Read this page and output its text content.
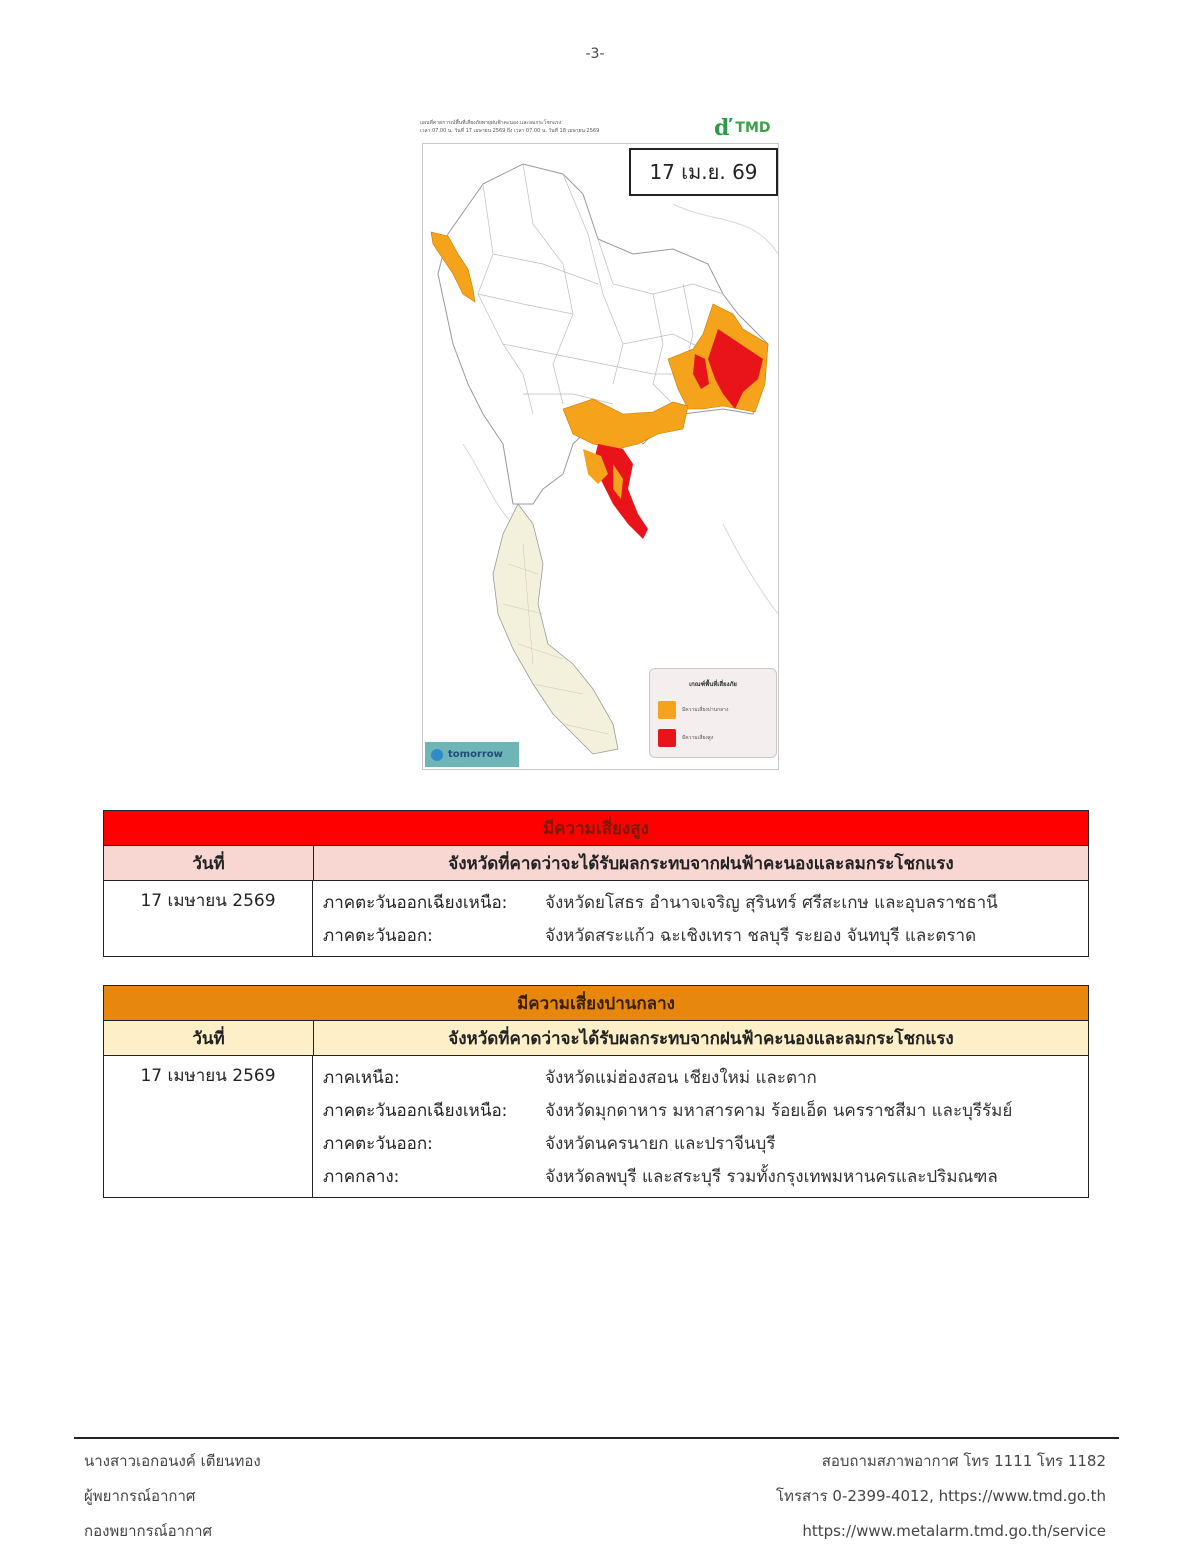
-3-
แผนที่คาดการณ์พื้นที่เสี่ยงภัยพายุฝนฟ้าคะนอง และลมกระโชกแรง
เวลา 07.00 น. วันที่ 17 เมษายน 2569 ถึง เวลา 07.00 น. วันที่ 18 เมษายน 2569	ď TMD
17 เม.ย. 69
เกณฑ์พื้นที่เสี่ยงภัย
มีความเสี่ยงปานกลาง
มีความเสี่ยงสูง
tomorrow
มีความเสี่ยงสูง
วันที่	จังหวัดที่คาดว่าจะได้รับผลกระทบจากฝนฟ้าคะนองและลมกระโชกแรง
17 เมษายน 2569	ภาคตะวันออกเฉียงเหนือ:	จังหวัดยโสธร อำนาจเจริญ สุรินทร์ ศรีสะเกษ และอุบลราชธานี
ภาคตะวันออก:	จังหวัดสระแก้ว ฉะเชิงเทรา ชลบุรี ระยอง จันทบุรี และตราด
มีความเสี่ยงปานกลาง
วันที่	จังหวัดที่คาดว่าจะได้รับผลกระทบจากฝนฟ้าคะนองและลมกระโชกแรง
17 เมษายน 2569	ภาคเหนือ:	จังหวัดแม่ฮ่องสอน เชียงใหม่ และตาก
ภาคตะวันออกเฉียงเหนือ:	จังหวัดมุกดาหาร มหาสารคาม ร้อยเอ็ด นครราชสีมา และบุรีรัมย์
ภาคตะวันออก:	จังหวัดนครนายก และปราจีนบุรี
ภาคกลาง:	จังหวัดลพบุรี และสระบุรี รวมทั้งกรุงเทพมหานครและปริมณฑล
นางสาวเอกอนงค์ เตียนทอง
ผู้พยากรณ์อากาศ
กองพยากรณ์อากาศ
สอบถามสภาพอากาศ โทร 1111 โทร 1182
โทรสาร 0-2399-4012, https://www.tmd.go.th
https://www.metalarm.tmd.go.th/service
